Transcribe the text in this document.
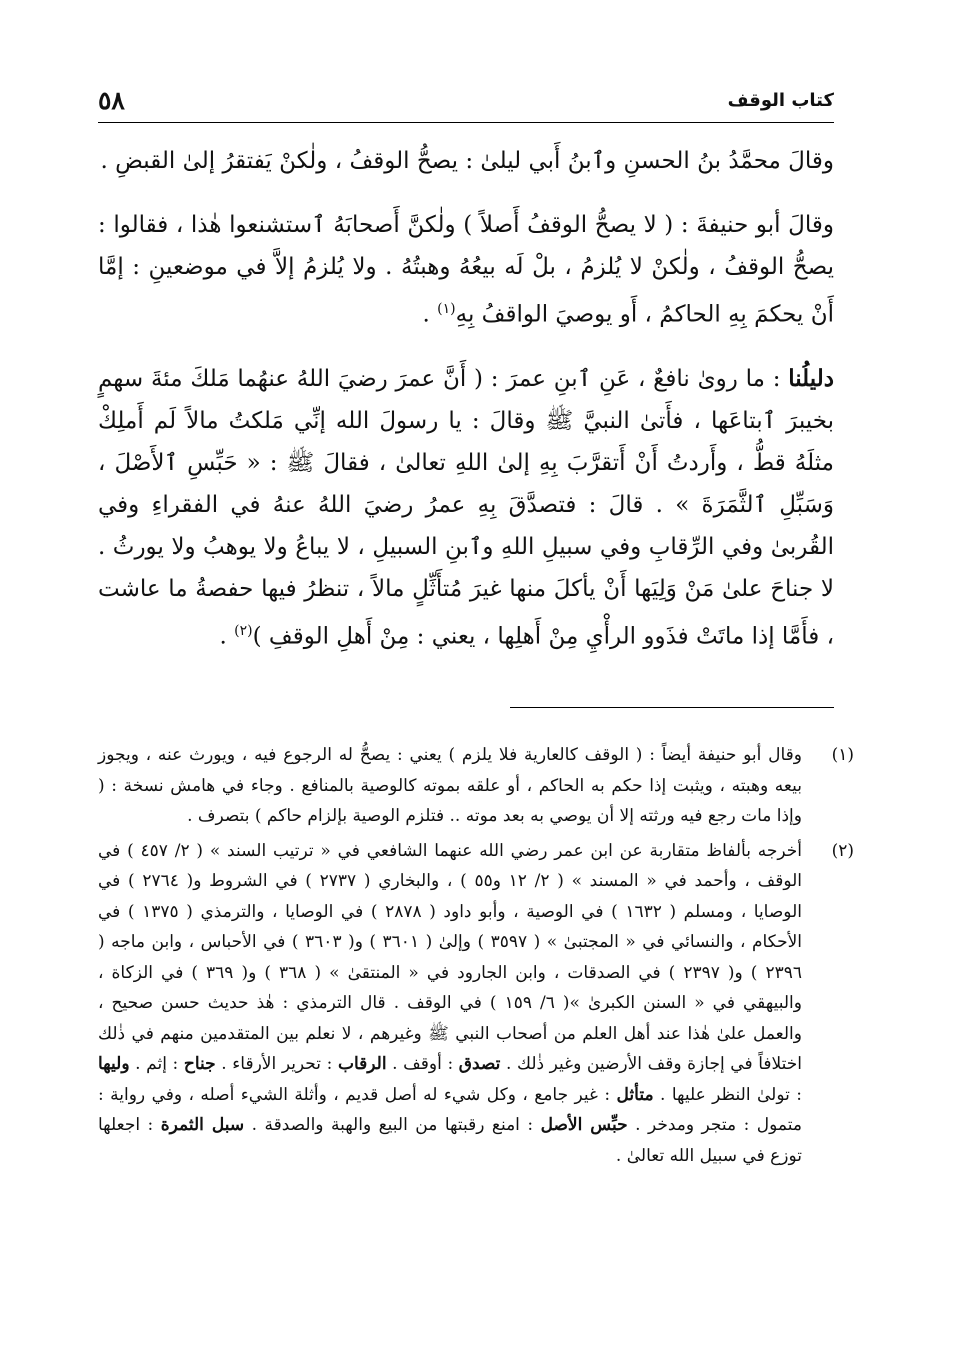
٥٨	كتاب الوقف

وقالَ محمَّدُ بنُ الحسنِ وٱبنُ أَبي ليلىٰ : يصحُّ الوقفُ ، ولٰكنْ يَفتقرُ إلىٰ القبضِ .

وقالَ أبو حنيفةَ : ( لا يصحُّ الوقفُ أَصلاً ) ولٰكنَّ أَصحابَهُ ٱستشنعوا هٰذا ، فقالوا : يصحُّ الوقفُ ، ولٰكنْ لا يُلزمُ ، بلْ لَه بيعُهُ وهبتُهُ . ولا يُلزمُ إلاَّ في موضعينِ : إمَّا أَنْ يحكمَ بِهِ الحاكمُ ، أَو يوصيَ الواقفُ بِهِ$^{(١)}$ .

دليلُنا : ما روىٰ نافعٌ ، عَنِ ٱبنِ عمرَ : ( أَنَّ عمرَ رضيَ اللهُ عنهُما مَلكَ مئةَ سهمٍ بخيبرَ ٱبتاعَها ، فأَتىٰ النبيَّ ﷺ وقالَ : يا رسولَ الله إنِّي مَلكتُ مالاً لَم أَملِكْ مثلَهُ قطُّ ، وأَردتُ أَنْ أَتقرَّبَ بِهِ إلىٰ اللهِ تعالىٰ ، فقالَ ﷺ : « حَبِّسِ ٱلأَصْلَ ، وَسَبِّلِ ٱلثَّمَرَةَ » . قالَ : فتصدَّقَ بِهِ عمرُ رضيَ اللهُ عنهُ في الفقراءِ وفي القُربىٰ وفي الرِّقابِ وفي سبيلِ اللهِ وٱبنِ السبيلِ ، لا يباعُ ولا يوهبُ ولا يورثُ . لا جناحَ علىٰ مَنْ وَلِيَها أَنْ يأكلَ منها غيرَ مُتأَثِّلٍ مالاً ، تنظرُ فيها حفصةُ ما عاشت ، فأَمَّا إذا ماتَتْ فذَوو الرأْيِ مِنْ أَهلِها ، يعني : مِنْ أَهلِ الوقفِ )$^{(٢)}$ .

(١)
وقال أبو حنيفة أيضاً : ( الوقف كالعارية فلا يلزم ) يعني : يصحُّ له الرجوع فيه ، ويورث عنه ، ويجوز بيعه وهبته ، ويثبت إذا حكم به الحاكم ، أو علقه بموته كالوصية بالمنافع . وجاء في هامش نسخة : ( وإذا مات رجع فيه ورثته إلا أن يوصي به بعد موته .. فتلزم الوصية بإلزام حاكم ) بتصرف .
(٢)
أخرجه بألفاظ متقاربة عن ابن عمر رضي الله عنهما الشافعي في « ترتيب السند » ( ٢/ ٤٥٧ ) في الوقف ، وأحمد في « المسند » ( ٢/ ١٢ و٥٥ ) ، والبخاري ( ٢٧٣٧ ) في الشروط و( ٢٧٦٤ ) في الوصايا ، ومسلم ( ١٦٣٢ ) في الوصية ، وأبو داود ( ٢٨٧٨ ) في الوصايا ، والترمذي ( ١٣٧٥ ) في الأحكام ، والنسائي في « المجتبىٰ » ( ٣٥٩٧ ) وإلىٰ ( ٣٦٠١ ) و( ٣٦٠٣ ) في الأحباس ، وابن ماجه ( ٢٣٩٦ ) و( ٢٣٩٧ ) في الصدقات ، وابن الجارود في « المنتقىٰ » ( ٣٦٨ ) و( ٣٦٩ ) في الزكاة ، والبيهقي في « السنن الكبرىٰ »( ٦/ ١٥٩ ) في الوقف . قال الترمذي : هٰذ حديث حسن صحيح ، والعمل علىٰ هٰذا عند أهل العلم من أصحاب النبي ﷺ وغيرهم ، لا نعلم بين المتقدمين منهم في ذٰلك اختلافاً في إجازة وقف الأرضين وغير ذٰلك . تصدق : أوقف . الرقاب : تحرير الأرقاء . جناح : إثم . وليها : تولىٰ النظر عليها . متأثل : غير جامع ، وكل شيء له أصل قديم ، وأثلة الشيء أصله ، وفي رواية : متمول : متجر ومدخر . حبِّس الأصل : امنع رقبتها من البيع والهبة والصدقة . سبل الثمرة : اجعلها توزع في سبيل الله تعالىٰ .
